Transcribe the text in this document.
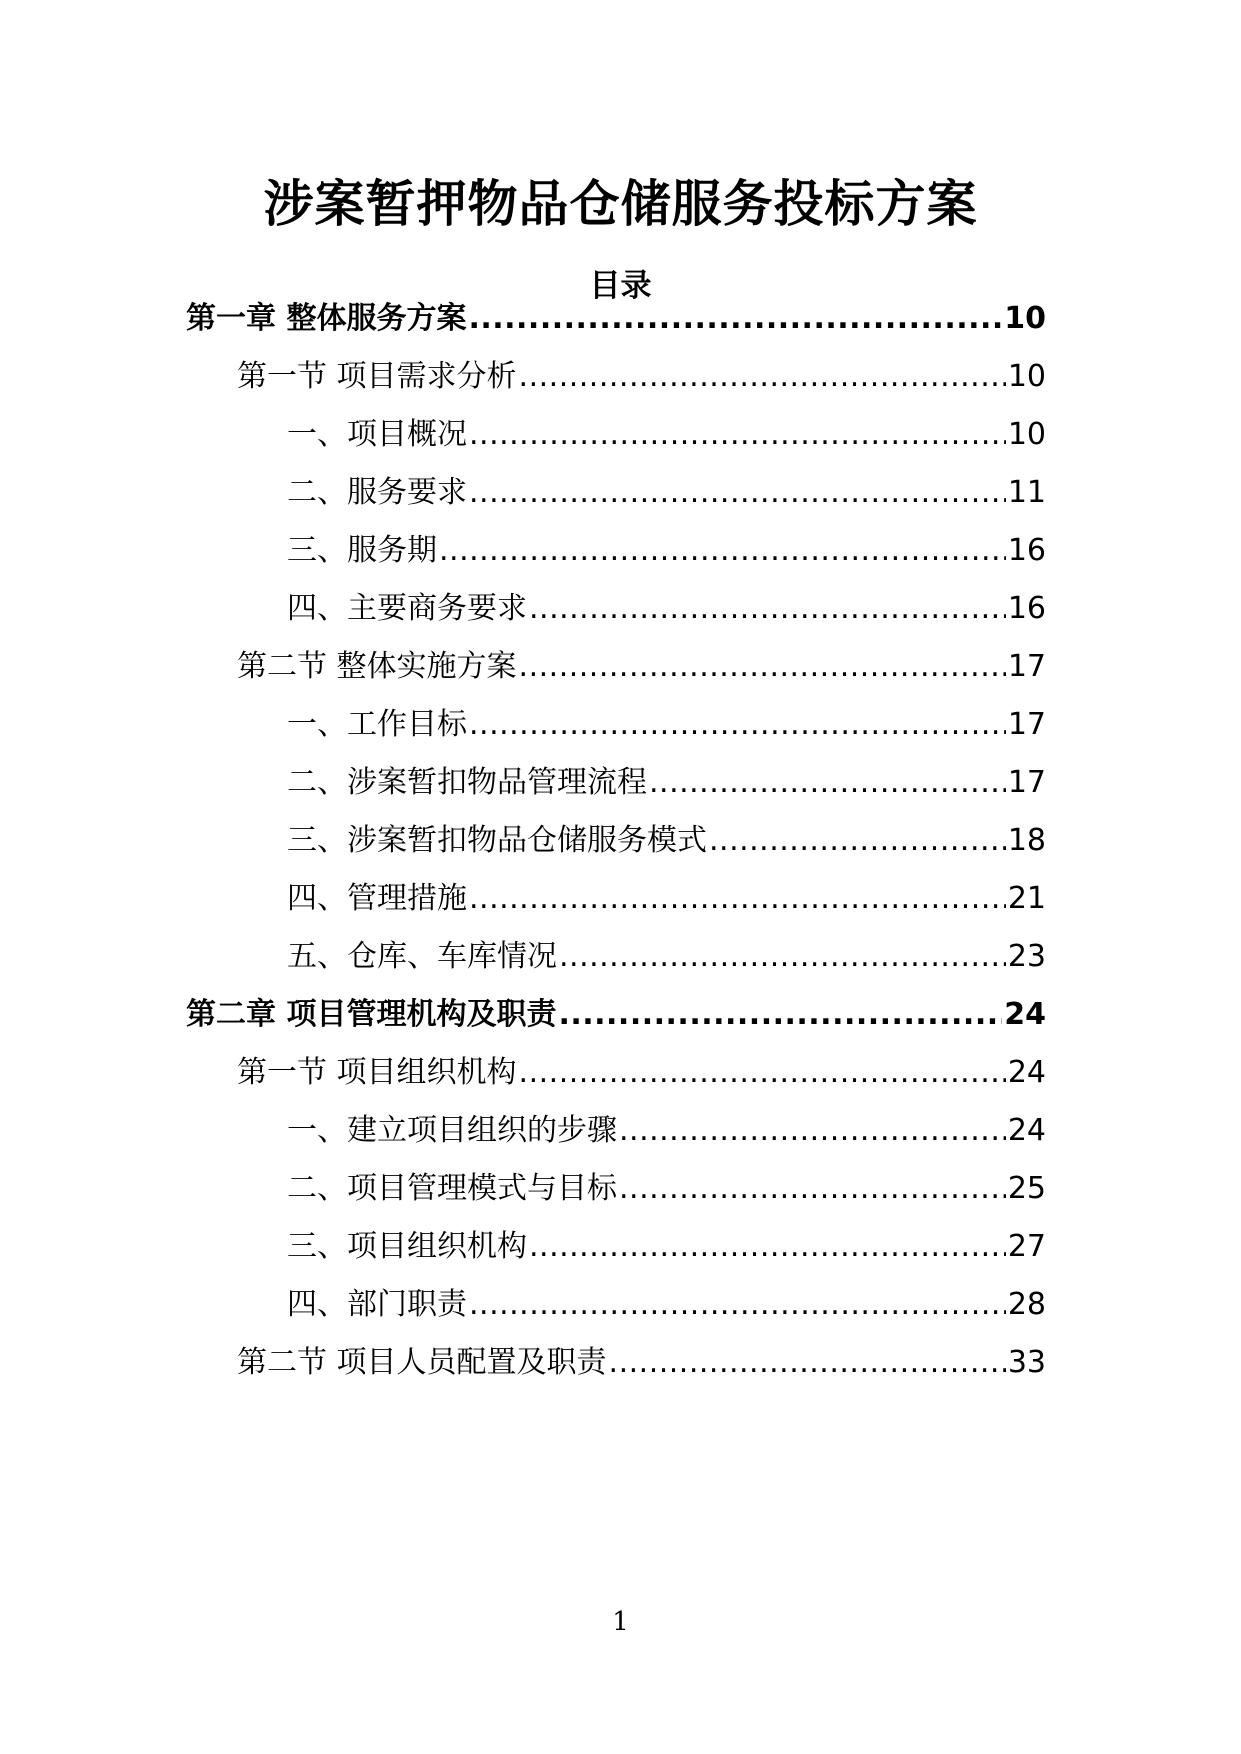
涉案暂押物品仓储服务投标方案
目录
第一章 整体服务方案 .....	10
第一节 项目需求分析 .....	10
一、项目概况 .....	10
二、服务要求 .....	11
三、服务期 .....	16
四、主要商务要求 .....	16
第二节 整体实施方案 .....	17
一、工作目标 .....	17
二、涉案暂扣物品管理流程 .....	17
三、涉案暂扣物品仓储服务模式 .....	18
四、管理措施 .....	21
五、仓库、车库情况 .....	23
第二章 项目管理机构及职责 .....	24
第一节 项目组织机构 .....	24
一、建立项目组织的步骤 .....	24
二、项目管理模式与目标 .....	25
三、项目组织机构 .....	27
四、部门职责 .....	28
第二节 项目人员配置及职责 .....	33
1
